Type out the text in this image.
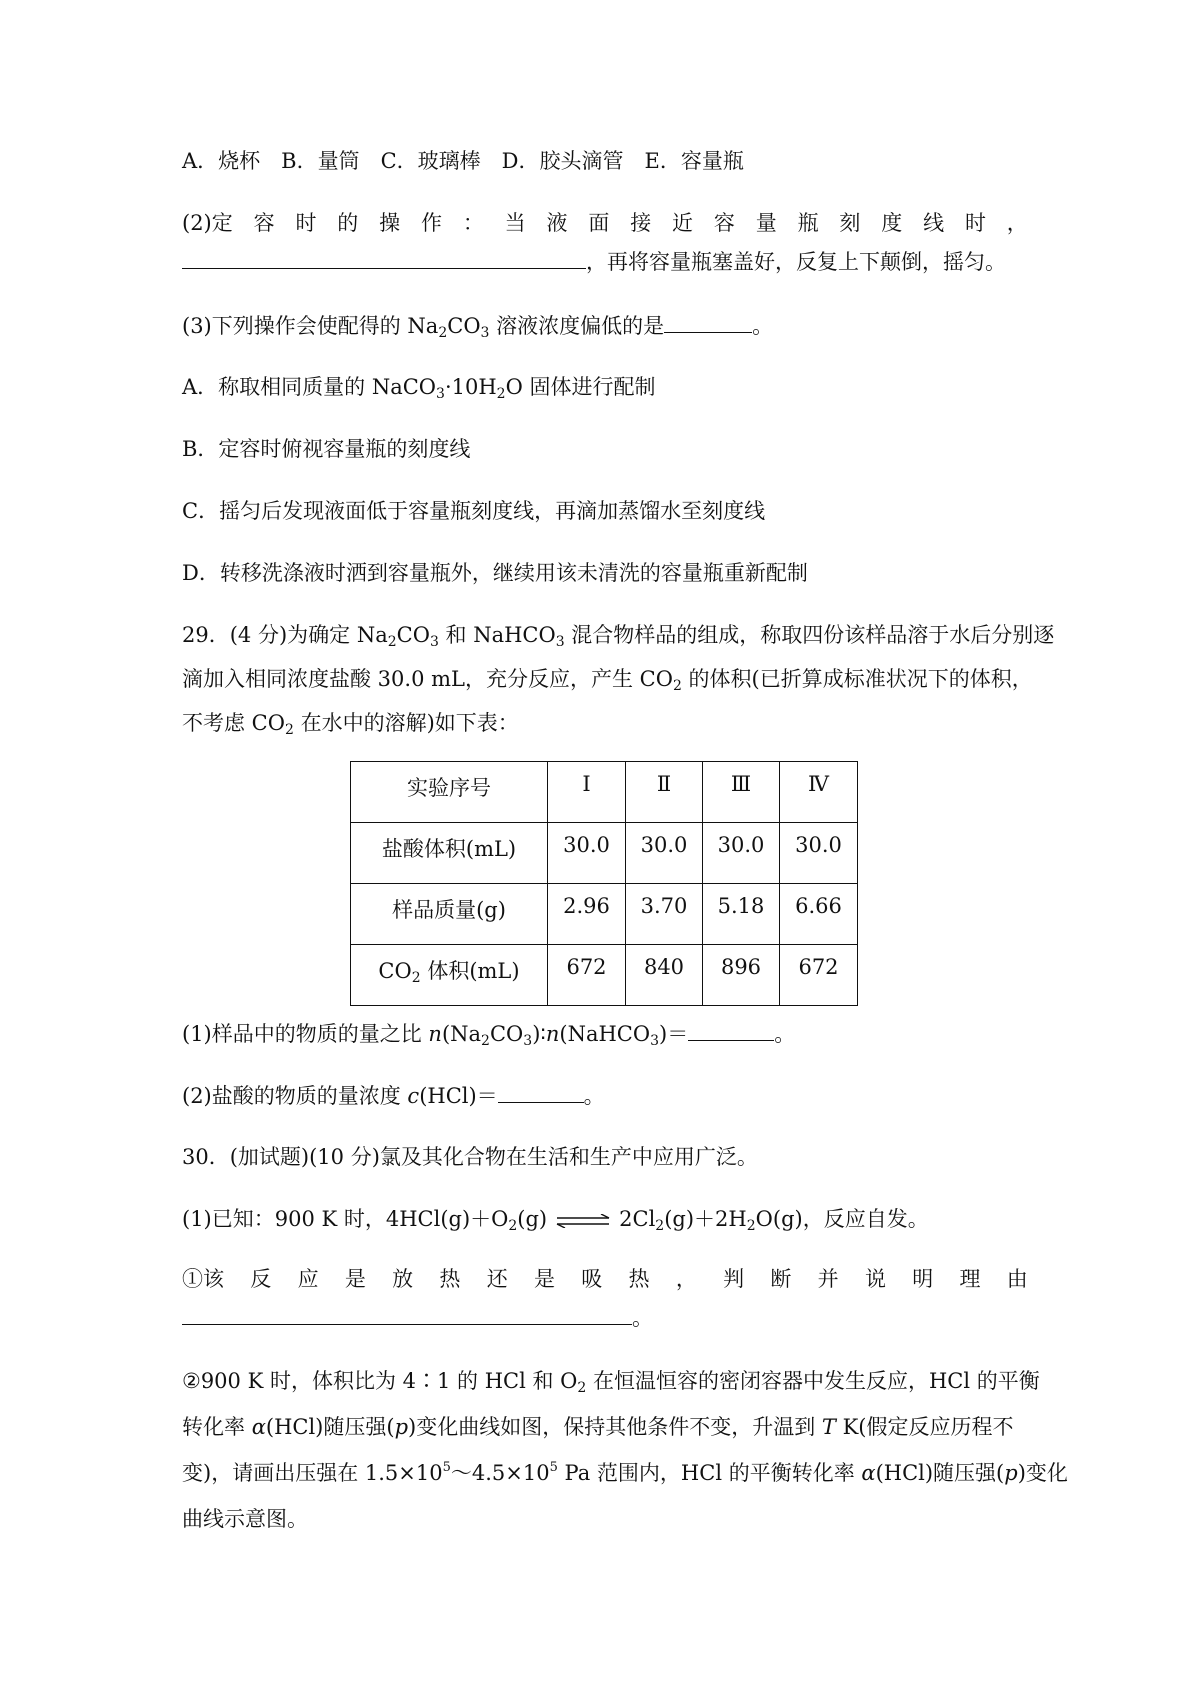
A．烧杯　B．量筒　C．玻璃棒　D．胶头滴管　E．容量瓶
(2)定 容 时 的 操 作 ： 当 液 面 接 近 容 量 瓶 刻 度 线 时 ，
，再将容量瓶塞盖好，反复上下颠倒，摇匀。
(3)下列操作会使配得的 $Na_2CO_3$ 溶液浓度偏低的是	。
A．称取相同质量的 $NaCO_3\cdot 10H_2O$ 固体进行配制
B．定容时俯视容量瓶的刻度线
C．摇匀后发现液面低于容量瓶刻度线，再滴加蒸馏水至刻度线
D．转移洗涤液时洒到容量瓶外，继续用该未清洗的容量瓶重新配制
29．(4 分)为确定 $Na_2CO_3$ 和 NaHCO$_3$ 混合物样品的组成，称取四份该样品溶于水后分别逐
滴加入相同浓度盐酸 30.0 mL，充分反应，产生 $CO_2$ 的体积(已折算成标准状况下的体积，
不考虑 $CO_2$ 在水中的溶解)如下表：
实验序号	Ⅰ	Ⅱ	Ⅲ	Ⅳ
盐酸体积(mL)	30.0	30.0	30.0	30.0
样品质量(g)	2.96	3.70	5.18	6.66
$CO_2$ 体积(mL)	672	840	896	672
(1)样品中的物质的量之比 $n(Na_2CO_3)∶n(NaHCO_3)=$	。
(2)盐酸的物质的量浓度 c(HCl)＝	。
30．(加试题)(10 分)氯及其化合物在生活和生产中应用广泛。
(1)已知：900 K 时，$4HCl(g)+O_2(g)$ ⇌ $2Cl_2(g)+2H_2O(g)$，反应自发。
①该 反 应 是 放 热 还 是 吸 热 ， 判 断 并 说 明 理 由
。
②900 K 时，体积比为 4∶1 的 HCl 和 $O_2$ 在恒温恒容的密闭容器中发生反应，HCl 的平衡
转化率 α(HCl)随压强(p)变化曲线如图，保持其他条件不变，升温到 T K(假定反应历程不
变)，请画出压强在 $1.5\times 10^5\sim 4.5\times 10^5$ Pa 范围内，HCl 的平衡转化率 α(HCl)随压强(p)变化
曲线示意图。
